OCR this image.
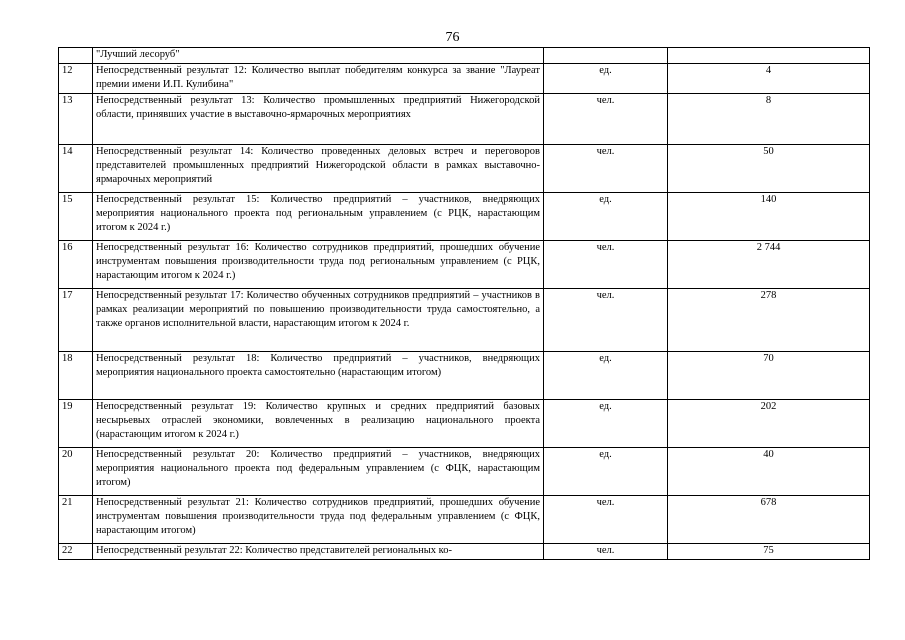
76
	"Лучший лесоруб"		
12	Непосредственный результат 12: Количество выплат победителям конкурса за звание "Лауреат премии имени И.П. Кулибина"	ед.	4
13	Непосредственный результат 13: Количество промышленных предприятий Нижегородской области, принявших участие в выставочно-ярмарочных мероприятиях	чел.	8
14	Непосредственный результат 14: Количество проведенных деловых встреч и переговоров представителей промышленных предприятий Нижегородской области в рамках выставочно-ярмарочных мероприятий	чел.	50
15	Непосредственный результат 15: Количество предприятий – участников, внедряющих мероприятия национального проекта под региональным управлением (с РЦК, нарастающим итогом к 2024 г.)	ед.	140
16	Непосредственный результат 16: Количество сотрудников предприятий, прошедших обучение инструментам повышения производительности труда под региональным управлением (с РЦК, нарастающим итогом к 2024 г.)	чел.	2 744
17	Непосредственный результат 17: Количество обученных сотрудников предприятий – участников в рамках реализации мероприятий по повышению производительности труда самостоятельно, а также органов исполнительной власти, нарастающим итогом к 2024 г.	чел.	278
18	Непосредственный результат 18: Количество предприятий – участников, внедряющих мероприятия национального проекта самостоятельно (нарастающим итогом)	ед.	70
19	Непосредственный результат 19: Количество крупных и средних предприятий базовых несырьевых отраслей экономики, вовлеченных в реализацию национального проекта (нарастающим итогом к 2024 г.)	ед.	202
20	Непосредственный результат 20: Количество предприятий – участников, внедряющих мероприятия национального проекта под федеральным управлением (с ФЦК, нарастающим итогом)	ед.	40
21	Непосредственный результат 21: Количество сотрудников предприятий, прошедших обучение инструментам повышения производительности труда под федеральным управлением (с ФЦК, нарастающим итогом)	чел.	678
22	Непосредственный результат 22: Количество представителей региональных ко-	чел.	75
